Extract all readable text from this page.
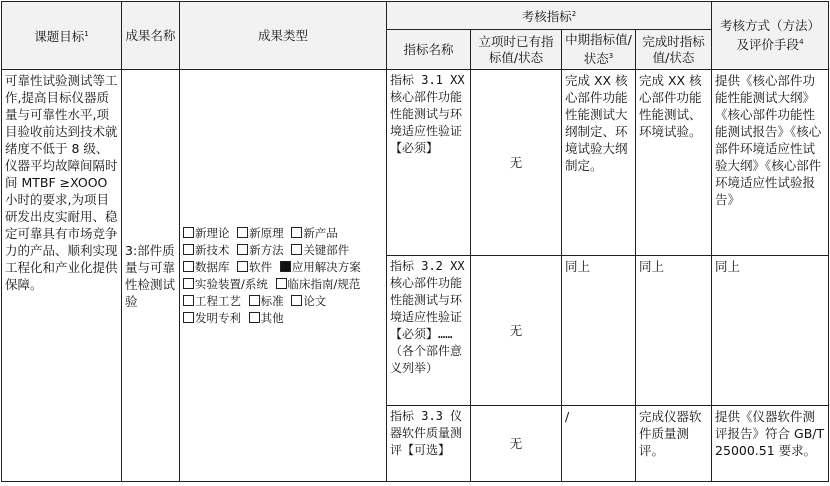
课题目标$^1$	成果名称	成果类型	考核指标$^2$				考核方式（方法）及评价手段$^4$
			指标名称	立项时已有指标值/状态	中期指标值/状态$^3$	完成时指标值/状态	
可靠性试验测试等工作,提高目标仪器质量与可靠性水平,项目验收前达到技术就绪度不低于 8 级、仪器平均故障间隔时间 MTBF ≥XOOO 小时的要求,为项目研发出皮实耐用、稳定可靠具有市场竞争力的产品、顺利实现工程化和产业化提供保障。	3:部件质量与可靠性检测试验	新理论 新原理 新产品 新技术 新方法 关键部件 数据库 软件 应用解决方案 实验装置/系统 临床指南/规范 工程工艺 标准 论文 发明专利 其他	指标 3.1 XX 核心部件功能性能测试与环境适应性验证【必须】	无	完成 XX 核心部件功能性能测试大纲制定、环境试验大纲制定。	完成 XX 核心部件功能性能测试、环境试验。	提供《核心部件功能性能测试大纲》《核心部件功能性能测试报告》《核心部件环境适应性试验大纲》《核心部件环境适应性试验报告》
			指标 3.2 XX 核心部件功能性能测试与环境适应性验证【必须】……（各个部件意义列举）	无	同上	同上	同上
			指标 3.3 仪器软件质量测评【可选】	无	/	完成仪器软件质量测评。	提供《仪器软件测评报告》符合 GB/T 25000.51 要求。
